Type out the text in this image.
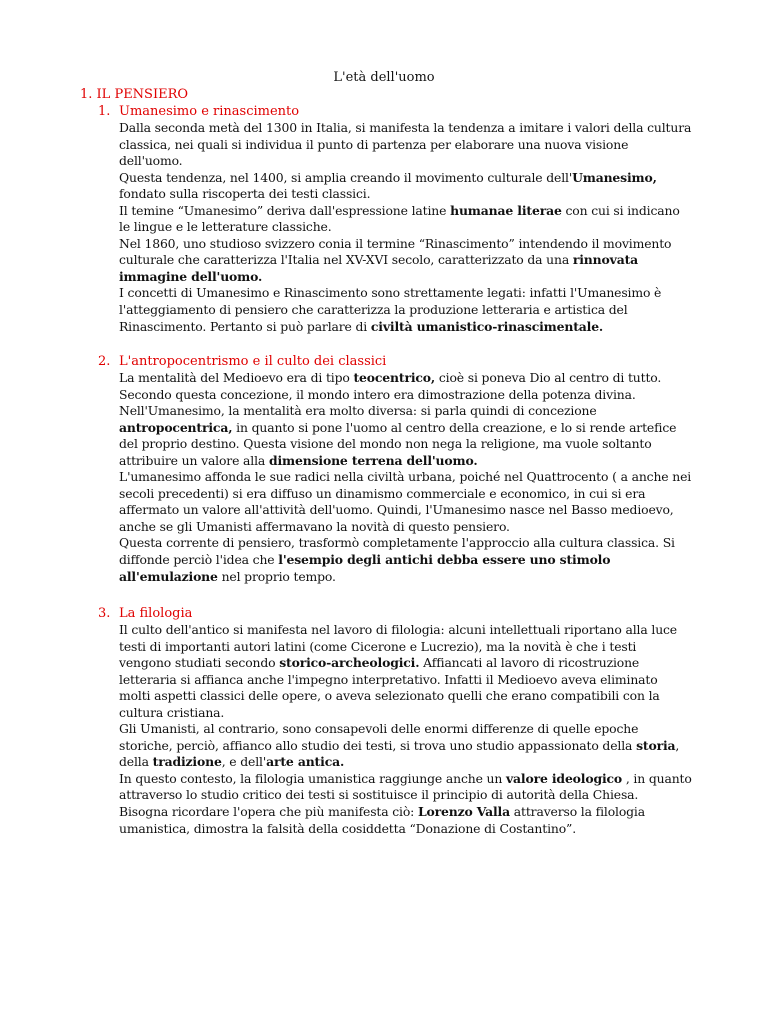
L'età dell'uomo
1. IL PENSIERO
1. Umanesimo e rinascimento
Dalla seconda metà del 1300 in Italia, si manifesta la tendenza a imitare i valori della cultura
classica, nei quali si individua il punto di partenza per elaborare una nuova visione
dell'uomo.
Questa tendenza, nel 1400, si amplia creando il movimento culturale dell'Umanesimo,
fondato sulla riscoperta dei testi classici.
Il temine “Umanesimo” deriva dall'espressione latine humanae literae con cui si indicano
le lingue e le letterature classiche.
Nel 1860, uno studioso svizzero conia il termine “Rinascimento” intendendo il movimento
culturale che caratterizza l'Italia nel XV-XVI secolo, caratterizzato da una rinnovata
immagine dell'uomo.
I concetti di Umanesimo e Rinascimento sono strettamente legati: infatti l'Umanesimo è
l'atteggiamento di pensiero che caratterizza la produzione letteraria e artistica del
Rinascimento. Pertanto si può parlare di civiltà umanistico-rinascimentale.
2. L'antropocentrismo e il culto dei classici
La mentalità del Medioevo era di tipo teocentrico, cioè si poneva Dio al centro di tutto.
Secondo questa concezione, il mondo intero era dimostrazione della potenza divina.
Nell'Umanesimo, la mentalità era molto diversa: si parla quindi di concezione
antropocentrica, in quanto si pone l'uomo al centro della creazione, e lo si rende artefice
del proprio destino. Questa visione del mondo non nega la religione, ma vuole soltanto
attribuire un valore alla dimensione terrena dell'uomo.
L'umanesimo affonda le sue radici nella civiltà urbana, poiché nel Quattrocento ( a anche nei
secoli precedenti) si era diffuso un dinamismo commerciale e economico, in cui si era
affermato un valore all'attività dell'uomo. Quindi, l'Umanesimo nasce nel Basso medioevo,
anche se gli Umanisti affermavano la novità di questo pensiero.
Questa corrente di pensiero, trasformò completamente l'approccio alla cultura classica. Si
diffonde perciò l'idea che l'esempio degli antichi debba essere uno stimolo
all'emulazione nel proprio tempo.
3. La filologia
Il culto dell'antico si manifesta nel lavoro di filologia: alcuni intellettuali riportano alla luce
testi di importanti autori latini (come Cicerone e Lucrezio), ma la novità è che i testi
vengono studiati secondo storico-archeologici. Affiancati al lavoro di ricostruzione
letteraria si affianca anche l'impegno interpretativo. Infatti il Medioevo aveva eliminato
molti aspetti classici delle opere, o aveva selezionato quelli che erano compatibili con la
cultura cristiana.
Gli Umanisti, al contrario, sono consapevoli delle enormi differenze di quelle epoche
storiche, perciò, affianco allo studio dei testi, si trova uno studio appassionato della storia,
della tradizione, e dell'arte antica.
In questo contesto, la filologia umanistica raggiunge anche un valore ideologico , in quanto
attraverso lo studio critico dei testi si sostituisce il principio di autorità della Chiesa.
Bisogna ricordare l'opera che più manifesta ciò: Lorenzo Valla attraverso la filologia
umanistica, dimostra la falsità della cosiddetta “Donazione di Costantino”.
